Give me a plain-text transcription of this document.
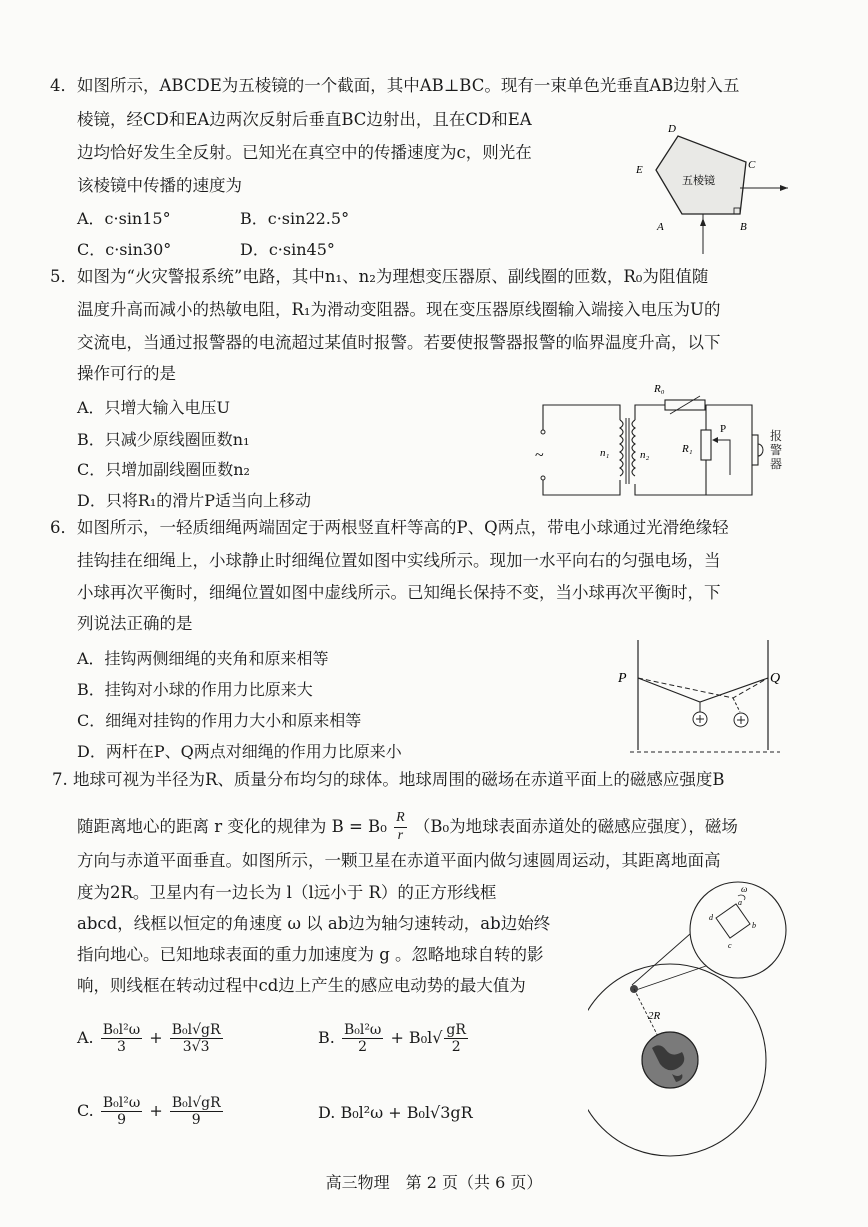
4．如图所示，ABCDE为五棱镜的一个截面，其中AB⊥BC。现有一束单色光垂直AB边射入五
棱镜，经CD和EA边两次反射后垂直BC边射出，且在CD和EA
边均恰好发生全反射。已知光在真空中的传播速度为c，则光在
该棱镜中传播的速度为
A．c·sin15°	B．c·sin22.5°
C．c·sin30°	D．c·sin45°
五棱镜
D
C
E
A	B
5．如图为“火灾警报系统”电路，其中n₁、n₂为理想变压器原、副线圈的匝数，R₀为阻值随
温度升高而减小的热敏电阻，R₁为滑动变阻器。现在变压器原线圈输入端接入电压为U的
交流电，当通过报警器的电流超过某值时报警。若要使报警器报警的临界温度升高，以下
操作可行的是
A．只增大输入电压U
B．只减少原线圈匝数n₁
C．只增加副线圈匝数n₂
D．只将R₁的滑片P适当向上移动
~	n₁	n₂
R₀
R₁
P	报警器
6．如图所示，一轻质细绳两端固定于两根竖直杆等高的P、Q两点，带电小球通过光滑绝缘轻
挂钩挂在细绳上，小球静止时细绳位置如图中实线所示。现加一水平向右的匀强电场，当
小球再次平衡时，细绳位置如图中虚线所示。已知绳长保持不变，当小球再次平衡时，下
列说法正确的是
A．挂钩两侧细绳的夹角和原来相等
B．挂钩对小球的作用力比原来大
C．细绳对挂钩的作用力大小和原来相等
D．两杆在P、Q两点对细绳的作用力比原来小
P	Q
7. 地球可视为半径为R、质量分布均匀的球体。地球周围的磁场在赤道平面上的磁感应强度B
随距离地心的距离 r 变化的规律为 $B = B_0 \frac{R}{r} (B_0$为地球表面赤道处的磁感应强度），磁场
方向与赤道平面垂直。如图所示，一颗卫星在赤道平面内做匀速圆周运动，其距离地面高
度为2R。卫星内有一边长为 l（l远小于 R）的正方形线框
abcd，线框以恒定的角速度 ω 以 ab边为轴匀速转动，ab边始终
指向地心。已知地球表面的重力加速度为 g 。忽略地球自转的影
响，则线框在转动过程中cd边上产生的感应电动势的最大值为
A. $\frac{\text{B₀l²ω}}{3} + \frac{\text{B₀l√gR}}{3√3}$	B. $\frac{\text{B₀l²ω}}{2} + B_0l√ \frac{gR}{2}$
C. $\frac{\text{B₀l²ω}}{9} + \frac{\text{B₀l√gR}}{9}$	D. B₀l²ω + B₀l√3gR
ω
d
b
c
a
2R
高三物理　第 2 页（共 6 页）
